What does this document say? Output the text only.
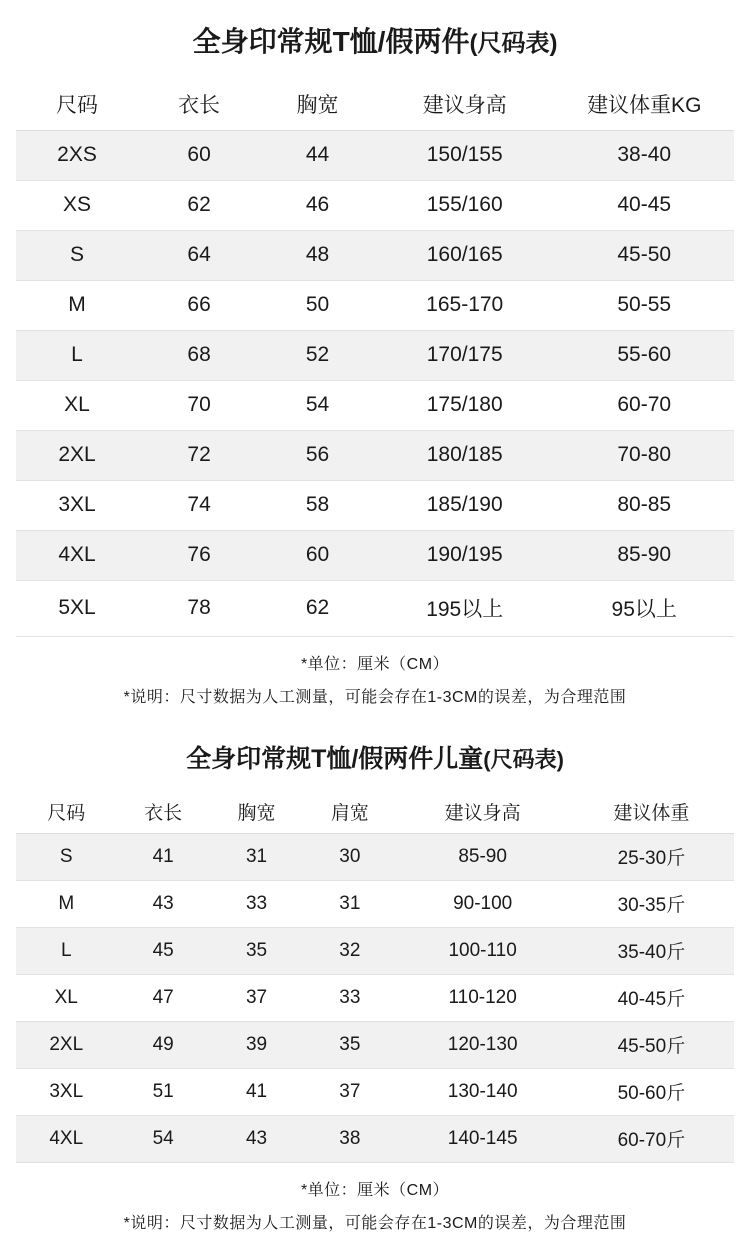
全身印常规T恤/假两件(尺码表)
尺码	衣长	胸宽	建议身高	建议体重KG
2XS	60	44	150/155	38-40
XS	62	46	155/160	40-45
S	64	48	160/165	45-50
M	66	50	165-170	50-55
L	68	52	170/175	55-60
XL	70	54	175/180	60-70
2XL	72	56	180/185	70-80
3XL	74	58	185/190	80-85
4XL	76	60	190/195	85-90
5XL	78	62	195以上	95以上
*单位：厘米（CM）
*说明：尺寸数据为人工测量，可能会存在1-3CM的误差，为合理范围
全身印常规T恤/假两件儿童(尺码表)
尺码	衣长	胸宽	肩宽	建议身高	建议体重
S	41	31	30	85-90	25-30斤
M	43	33	31	90-100	30-35斤
L	45	35	32	100-110	35-40斤
XL	47	37	33	110-120	40-45斤
2XL	49	39	35	120-130	45-50斤
3XL	51	41	37	130-140	50-60斤
4XL	54	43	38	140-145	60-70斤
*单位：厘米（CM）
*说明：尺寸数据为人工测量，可能会存在1-3CM的误差，为合理范围
